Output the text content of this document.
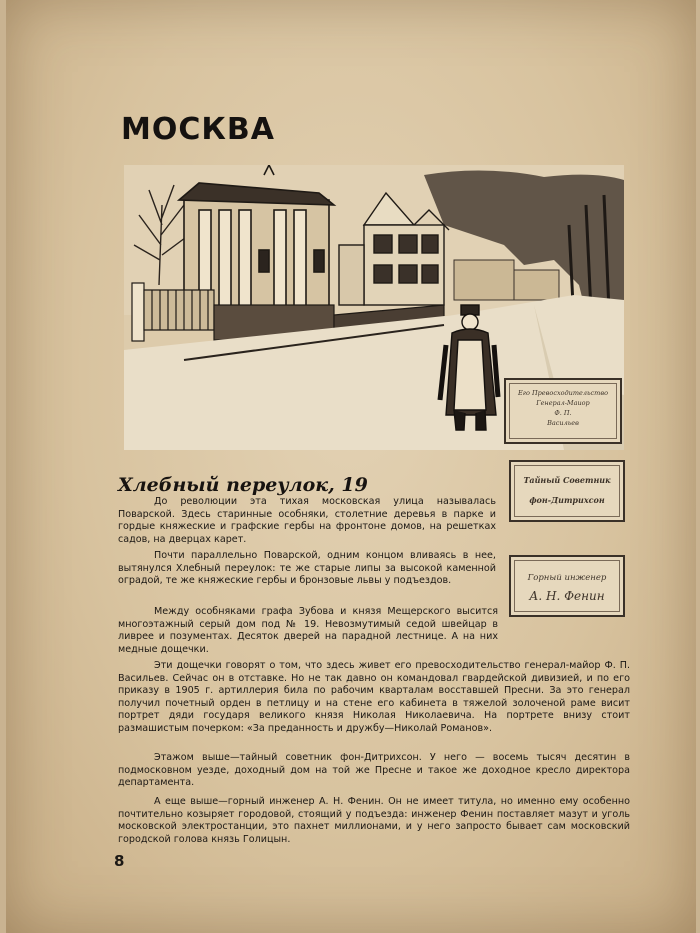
МОСКВА
Хлебный переулок, 19
Его Превосходительство
Генерал-Маиор
Ф. П.
Васильев
Тайный Советник
фон-Дитрихсон
Горный инженер
А. Н. Фенин

До революции эта тихая московская улица называлась Поварской. Здесь старинные особняки, столетние деревья в парке и гордые княжеские и графские гербы на фронтоне домов, на решетках садов, на дверцах карет.

Почти параллельно Поварской, одним концом вливаясь в нее, вытянулся Хлебный переулок: те же старые липы за высокой каменной оградой, те же княжеские гербы и бронзовые львы у подъездов.

Между особняками графа Зубова и князя Мещерского высится многоэтажный серый дом под № 19. Невозмутимый седой швейцар в ливрее и позументах. Десяток дверей на парадной лестнице. А на них медные дощечки.

Эти дощечки говорят о том, что здесь живет его превосходительство генерал-майор Ф. П. Васильев. Сейчас он в отставке. Но не так давно он командовал гвардейской дивизией, и по его приказу в 1905 г. артиллерия била по рабочим кварталам восставшей Пресни. За это генерал получил почетный орден в петлицу и на стене его кабинета в тяжелой золоченой раме висит портрет дяди государя великого князя Николая Николаевича. На портрете внизу стоит размашистым почерком: «За преданность и дружбу—Николай Романов».

Этажом выше—тайный советник фон-Дитрихсон. У него — восемь тысяч десятин в подмосковном уезде, доходный дом на той же Пресне и такое же доходное кресло директора департамента.

А еще выше—горный инженер А. Н. Фенин. Он не имеет титула, но именно ему особенно почтительно козыряет городовой, стоящий у подъезда: инженер Фенин поставляет мазут и уголь московской электростанции, это пахнет миллионами, и у него запросто бывает сам московский городской голова князь Голицын.

8
